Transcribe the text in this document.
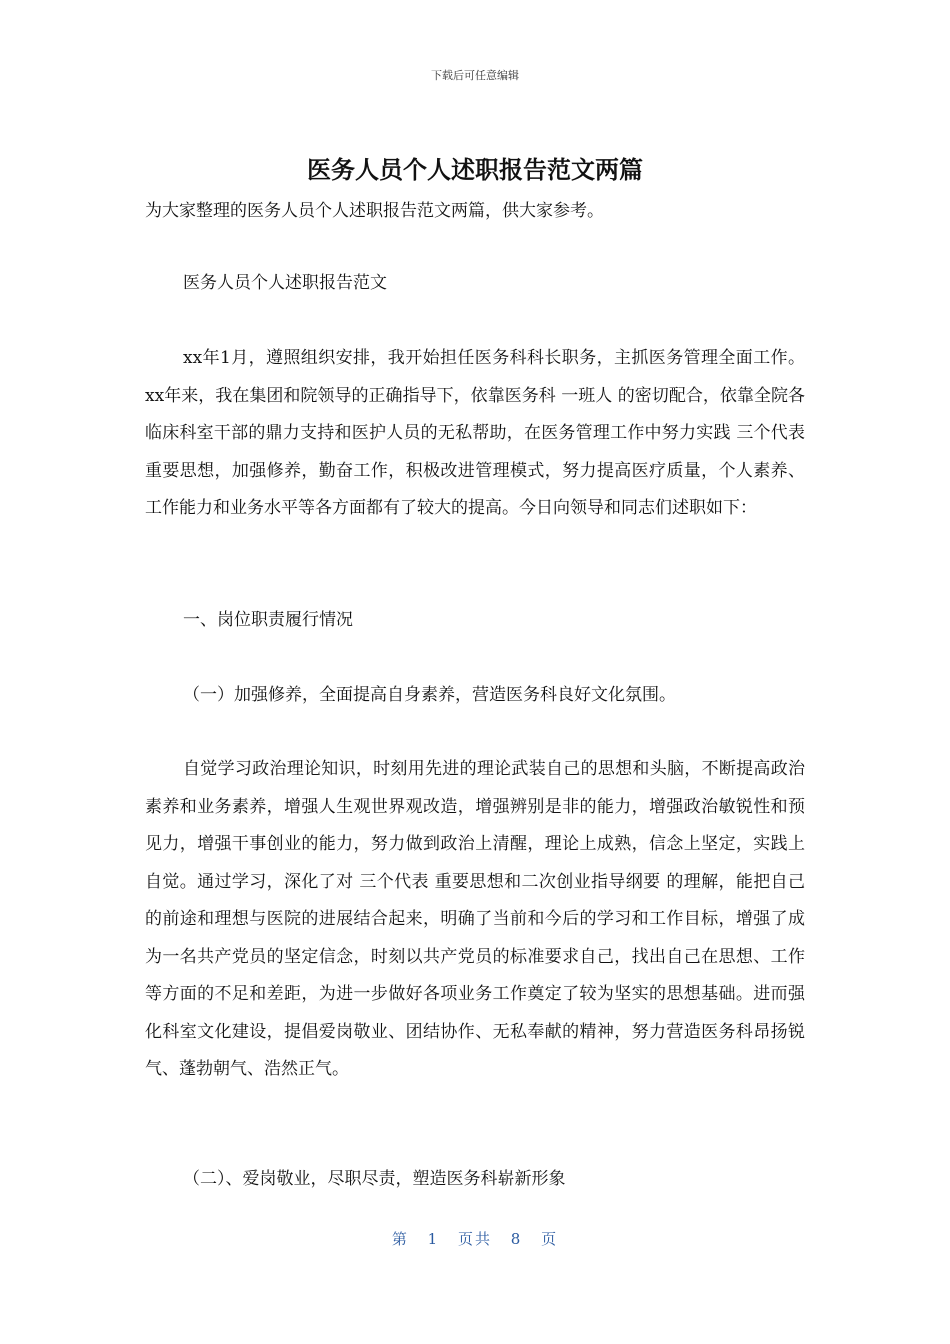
下载后可任意编辑
医务人员个人述职报告范文两篇
为大家整理的医务人员个人述职报告范文两篇，供大家参考。
医务人员个人述职报告范文
xx年1月，遵照组织安排，我开始担任医务科科长职务，主抓医务管理全面工作。xx年来，我在集团和院领导的正确指导下，依靠医务科 一班人 的密切配合，依靠全院各临床科室干部的鼎力支持和医护人员的无私帮助，在医务管理工作中努力实践 三个代表 重要思想，加强修养，勤奋工作，积极改进管理模式，努力提高医疗质量，个人素养、工作能力和业务水平等各方面都有了较大的提高。今日向领导和同志们述职如下：
一、岗位职责履行情况
（一）加强修养，全面提高自身素养，营造医务科良好文化氛围。
自觉学习政治理论知识，时刻用先进的理论武装自己的思想和头脑，不断提高政治素养和业务素养，增强人生观世界观改造，增强辨别是非的能力，增强政治敏锐性和预见力，增强干事创业的能力，努力做到政治上清醒，理论上成熟，信念上坚定，实践上自觉。通过学习，深化了对 三个代表 重要思想和二次创业指导纲要 的理解，能把自己的前途和理想与医院的进展结合起来，明确了当前和今后的学习和工作目标，增强了成为一名共产党员的坚定信念，时刻以共产党员的标准要求自己，找出自己在思想、工作等方面的不足和差距，为进一步做好各项业务工作奠定了较为坚实的思想基础。进而强化科室文化建设，提倡爱岗敬业、团结协作、无私奉献的精神，努力营造医务科昂扬锐气、蓬勃朝气、浩然正气。
（二）、爱岗敬业，尽职尽责，塑造医务科崭新形象
第 1 页共 8 页
